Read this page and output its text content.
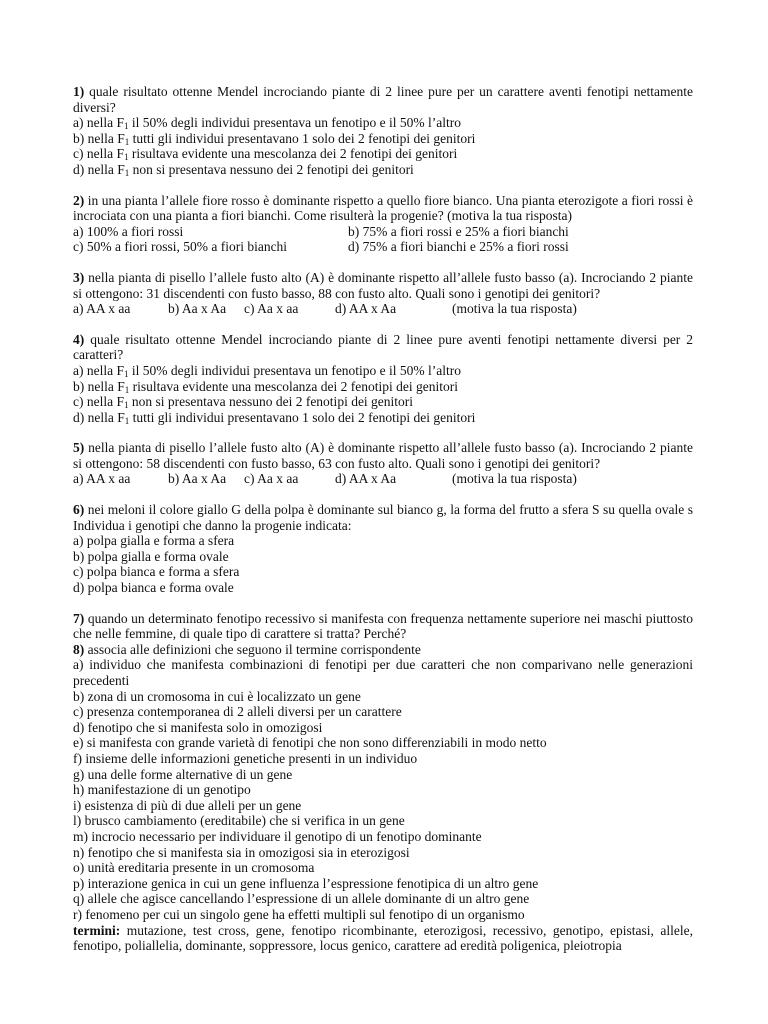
1) quale risultato ottenne Mendel incrociando piante di 2 linee pure per un carattere aventi fenotipi nettamente diversi?
a) nella $F_1$ il 50% degli individui presentava un fenotipo e il 50% l’altro
b) nella $F_1$ tutti gli individui presentavano 1 solo dei 2 fenotipi dei genitori
c) nella $F_1$ risultava evidente una mescolanza dei 2 fenotipi dei genitori
d) nella $F_1$ non si presentava nessuno dei 2 fenotipi dei genitori
2) in una pianta l’allele fiore rosso è dominante rispetto a quello fiore bianco. Una pianta eterozigote a fiori rossi è incrociata con una pianta a fiori bianchi. Come risulterà la progenie? (motiva la tua risposta)
a) 100% a fiori rossi	b) 75% a fiori rossi e 25% a fiori bianchi
c) 50% a fiori rossi, 50% a fiori bianchi	d) 75% a fiori bianchi e 25% a fiori rossi
3) nella pianta di pisello l’allele fusto alto (A) è dominante rispetto all’allele fusto basso (a). Incrociando 2 piante si ottengono: 31 discendenti con fusto basso, 88 con fusto alto. Quali sono i genotipi dei genitori?
a) AA x aa	b) Aa x Aa c) Aa x aa	d) AA x Aa	(motiva la tua risposta)
4) quale risultato ottenne Mendel incrociando piante di 2 linee pure aventi fenotipi nettamente diversi per 2 caratteri?
a) nella $F_1$ il 50% degli individui presentava un fenotipo e il 50% l’altro
b) nella $F_1$ risultava evidente una mescolanza dei 2 fenotipi dei genitori
c) nella $F_1$ non si presentava nessuno dei 2 fenotipi dei genitori
d) nella $F_1$ tutti gli individui presentavano 1 solo dei 2 fenotipi dei genitori
5) nella pianta di pisello l’allele fusto alto (A) è dominante rispetto all’allele fusto basso (a). Incrociando 2 piante si ottengono: 58 discendenti con fusto basso, 63 con fusto alto. Quali sono i genotipi dei genitori?
a) AA x aa	b) Aa x Aa c) Aa x aa	d) AA x Aa	(motiva la tua risposta)
6) nei meloni il colore giallo G della polpa è dominante sul bianco g, la forma del frutto a sfera S su quella ovale s Individua i genotipi che danno la progenie indicata:
a) polpa gialla e forma a sfera
b) polpa gialla e forma ovale
c) polpa bianca e forma a sfera
d) polpa bianca e forma ovale
7) quando un determinato fenotipo recessivo si manifesta con frequenza nettamente superiore nei maschi piuttosto che nelle femmine, di quale tipo di carattere si tratta? Perché?
8) associa alle definizioni che seguono il termine corrispondente
a) individuo che manifesta combinazioni di fenotipi per due caratteri che non comparivano nelle generazioni precedenti
b) zona di un cromosoma in cui è localizzato un gene
c) presenza contemporanea di 2 alleli diversi per un carattere
d) fenotipo che si manifesta solo in omozigosi
e) si manifesta con grande varietà di fenotipi che non sono differenziabili in modo netto
f) insieme delle informazioni genetiche presenti in un individuo
g) una delle forme alternative di un gene
h) manifestazione di un genotipo
i) esistenza di più di due alleli per un gene
l) brusco cambiamento (ereditabile) che si verifica in un gene
m) incrocio necessario per individuare il genotipo di un fenotipo dominante
n) fenotipo che si manifesta sia in omozigosi sia in eterozigosi
o) unità ereditaria presente in un cromosoma
p) interazione genica in cui un gene influenza l’espressione fenotipica di un altro gene
q) allele che agisce cancellando l’espressione di un allele dominante di un altro gene
r) fenomeno per cui un singolo gene ha effetti multipli sul fenotipo di un organismo
termini: mutazione, test cross, gene, fenotipo ricombinante, eterozigosi, recessivo, genotipo, epistasi, allele, fenotipo, poliallelia, dominante, soppressore, locus genico, carattere ad eredità poligenica, pleiotropia
